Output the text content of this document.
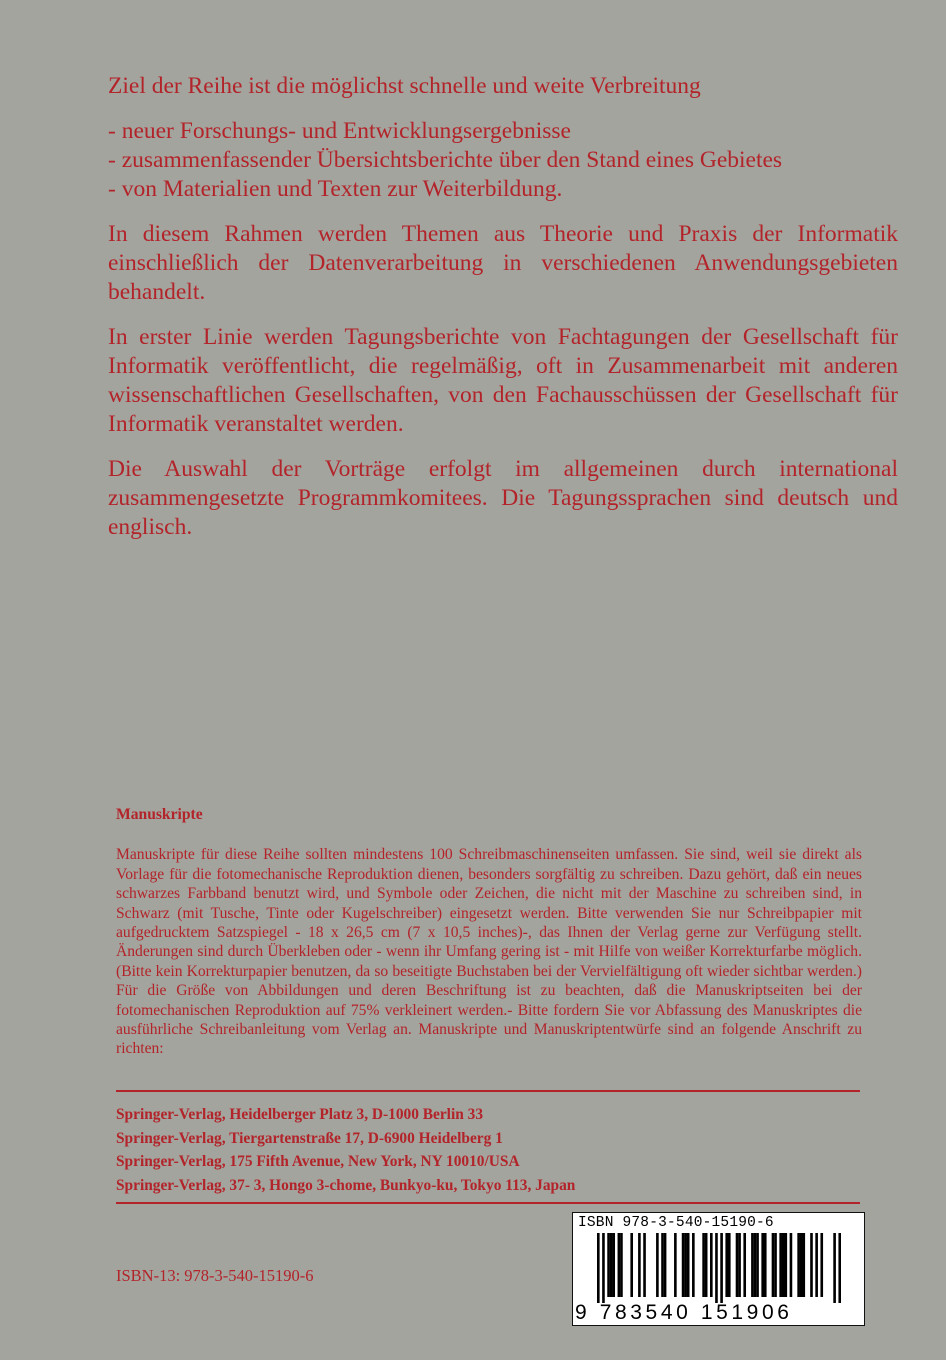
Ziel der Reihe ist die möglichst schnelle und weite Verbreitung

- neuer Forschungs- und Entwicklungsergebnisse
- zusammenfassender Übersichtsberichte über den Stand eines Gebietes
- von Materialien und Texten zur Weiterbildung.

In diesem Rahmen werden Themen aus Theorie und Praxis der Informatik einschließlich der Datenverarbeitung in verschiedenen Anwendungsgebieten behandelt.

In erster Linie werden Tagungsberichte von Fachtagungen der Gesellschaft für Informatik veröffentlicht, die regelmäßig, oft in Zusammenarbeit mit anderen wissenschaftlichen Gesellschaften, von den Fachausschüssen der Gesellschaft für Informatik veranstaltet werden.

Die Auswahl der Vorträge erfolgt im allgemeinen durch international zusammengesetzte Programmkomitees. Die Tagungssprachen sind deutsch und englisch.

Manuskripte
Manuskripte für diese Reihe sollten mindestens 100 Schreibmaschinenseiten umfassen. Sie sind, weil sie direkt als Vorlage für die fotomechanische Reproduktion dienen, besonders sorgfältig zu schreiben. Dazu gehört, daß ein neues schwarzes Farbband benutzt wird, und Symbole oder Zeichen, die nicht mit der Maschine zu schreiben sind, in Schwarz (mit Tusche, Tinte oder Kugelschreiber) eingesetzt werden. Bitte verwenden Sie nur Schreibpapier mit aufgedrucktem Satzspiegel - 18 x 26,5 cm (7 x 10,5 inches)-, das Ihnen der Verlag gerne zur Verfügung stellt. Änderungen sind durch Überkleben oder - wenn ihr Umfang gering ist - mit Hilfe von weißer Korrekturfarbe möglich. (Bitte kein Korrekturpapier benutzen, da so beseitigte Buchstaben bei der Vervielfältigung oft wieder sichtbar werden.) Für die Größe von Abbildungen und deren Beschriftung ist zu beachten, daß die Manuskriptseiten bei der fotomechanischen Reproduktion auf 75% verkleinert werden.- Bitte fordern Sie vor Abfassung des Manuskriptes die ausführliche Schreibanleitung vom Verlag an. Manuskripte und Manuskriptentwürfe sind an folgende Anschrift zu richten:
Springer-Verlag, Heidelberger Platz 3, D-1000 Berlin 33
Springer-Verlag, Tiergartenstraße 17, D-6900 Heidelberg 1
Springer-Verlag, 175 Fifth Avenue, New York, NY 10010/USA
Springer-Verlag, 37- 3, Hongo 3-chome, Bunkyo-ku, Tokyo 113, Japan
ISBN-13: 978-3-540-15190-6
ISBN 978-3-540-15190-6
9 783540 151906
